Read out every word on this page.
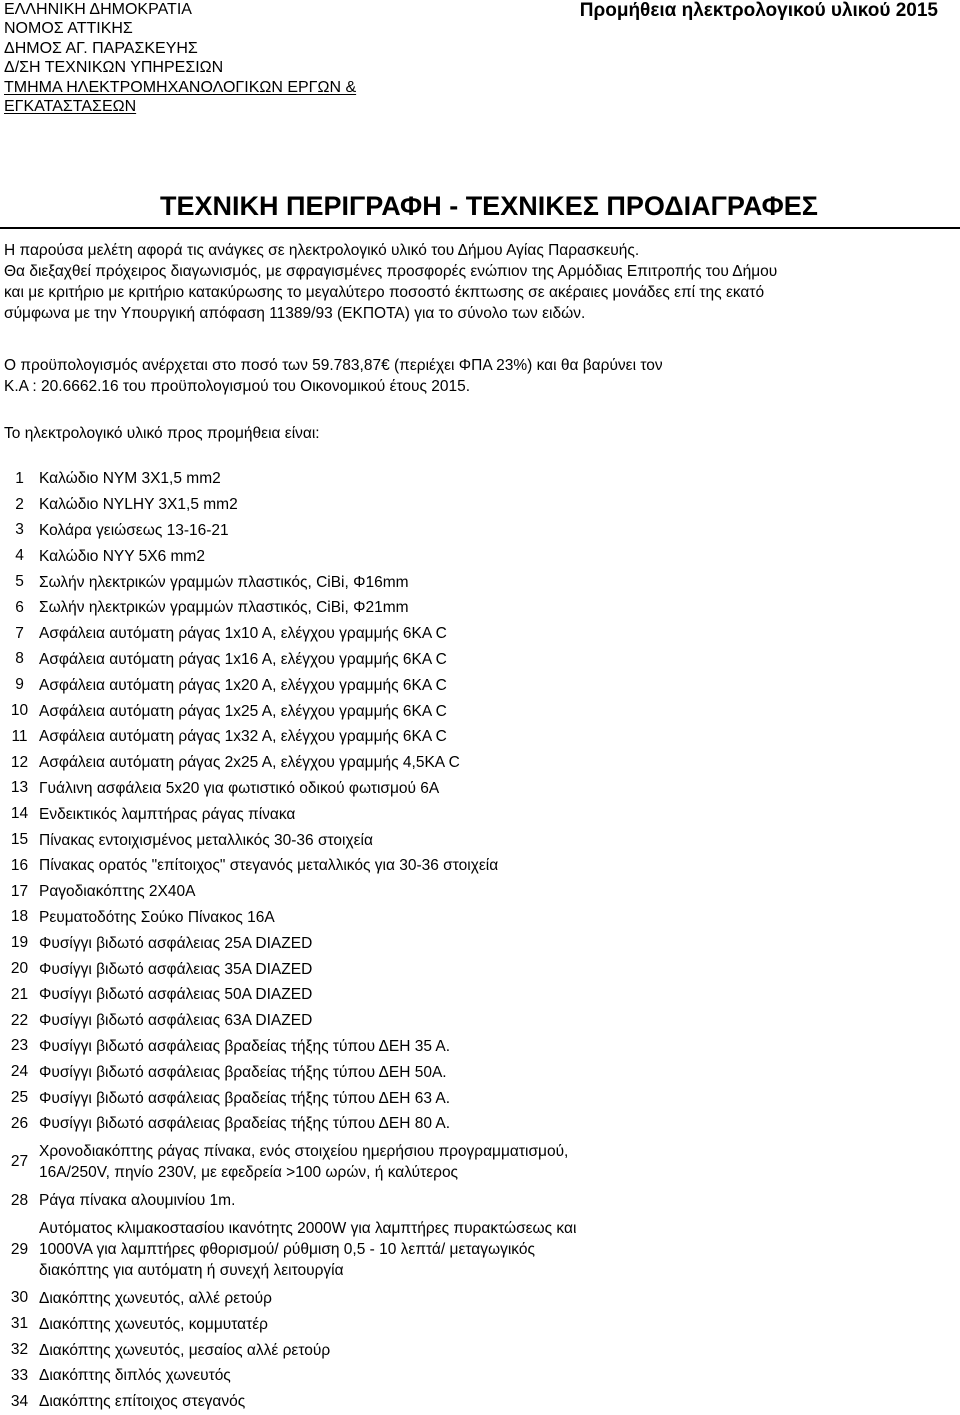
ΕΛΛΗΝΙΚΗ ΔΗΜΟΚΡΑΤΙΑ
ΝΟΜΟΣ ΑΤΤΙΚΗΣ
ΔΗΜΟΣ ΑΓ. ΠΑΡΑΣΚΕΥΗΣ
Δ/ΣΗ ΤΕΧΝΙΚΩΝ ΥΠΗΡΕΣΙΩΝ
ΤΜΗΜΑ ΗΛΕΚΤΡΟΜΗΧΑΝΟΛΟΓΙΚΩΝ ΕΡΓΩΝ &
ΕΓΚΑΤΑΣΤΑΣΕΩΝ
Προμήθεια ηλεκτρολογικού υλικού 2015
ΤΕΧΝΙΚΗ ΠΕΡΙΓΡΑΦΗ - ΤΕΧΝΙΚΕΣ ΠΡΟΔΙΑΓΡΑΦΕΣ
Η παρούσα μελέτη αφορά τις ανάγκες σε ηλεκτρολογικό υλικό του Δήμου Αγίας Παρασκευής.
Θα διεξαχθεί πρόχειρος διαγωνισμός, με σφραγισμένες προσφορές ενώπιον της Αρμόδιας Επιτροπής του Δήμου
και με κριτήριο με κριτήριο κατακύρωσης το μεγαλύτερο ποσοστό έκπτωσης σε ακέραιες μονάδες επί της εκατό
σύμφωνα με την Υπουργική απόφαση 11389/93 (ΕΚΠΟΤΑ) για το σύνολο των ειδών.
Ο προϋπολογισμός ανέρχεται στο ποσό των 59.783,87€ (περιέχει ΦΠΑ 23%) και θα βαρύνει τον
Κ.Α : 20.6662.16 του προϋπολογισμού του Οικονομικού έτους 2015.
Το ηλεκτρολογικό υλικό προς προμήθεια είναι:
1 Καλώδιο ΝΥΜ 3Χ1,5 mm2
2 Καλώδιο NYLHY 3X1,5 mm2
3 Κολάρα γειώσεως 13-16-21
4 Καλώδιο ΝΥΥ 5Χ6 mm2
5 Σωλήν ηλεκτρικών γραμμών πλαστικός, CiBi, Φ16mm
6 Σωλήν ηλεκτρικών γραμμών πλαστικός, CiBi, Φ21mm
7 Ασφάλεια αυτόματη ράγας 1x10 A, ελέγχου γραμμής 6KA C
8 Ασφάλεια αυτόματη ράγας 1x16 A, ελέγχου γραμμής 6KA C
9 Ασφάλεια αυτόματη ράγας 1x20 A, ελέγχου γραμμής 6KA C
10 Ασφάλεια αυτόματη ράγας 1x25 A, ελέγχου γραμμής 6KA C
11 Ασφάλεια αυτόματη ράγας 1x32 A, ελέγχου γραμμής 6KA C
12 Ασφάλεια αυτόματη ράγας 2x25 A, ελέγχου γραμμής 4,5KA C
13 Γυάλινη ασφάλεια 5x20 για φωτιστικό οδικού φωτισμού 6Α
14 Ενδεικτικός λαμπτήρας ράγας πίνακα
15 Πίνακας εντοιχισμένος μεταλλικός 30-36 στοιχεία
16 Πίνακας ορατός "επίτοιχος" στεγανός μεταλλικός για 30-36 στοιχεία
17 Ραγοδιακόπτης 2Χ40Α
18 Ρευματοδότης Σούκο Πίνακος 16Α
19 Φυσίγγι βιδωτό ασφάλειας 25Α DIAZED
20 Φυσίγγι βιδωτό ασφάλειας 35Α DIAZED
21 Φυσίγγι βιδωτό ασφάλειας 50Α DIAZED
22 Φυσίγγι βιδωτό ασφάλειας 63Α DIAZED
23 Φυσίγγι βιδωτό ασφάλειας βραδείας τήξης τύπου ΔΕΗ 35 Α.
24 Φυσίγγι βιδωτό ασφάλειας βραδείας τήξης τύπου ΔΕΗ 50Α.
25 Φυσίγγι βιδωτό ασφάλειας βραδείας τήξης τύπου ΔΕΗ 63 Α.
26 Φυσίγγι βιδωτό ασφάλειας βραδείας τήξης τύπου ΔΕΗ 80 Α.
27
Χρονοδιακόπτης ράγας πίνακα, ενός στοιχείου ημερήσιου προγραμματισμού,
16A/250V, πηνίο 230V, με εφεδρεία >100 ωρών, ή καλύτερος
28 Ράγα πίνακα αλουμινίου 1m.
29
Αυτόματος κλιμακοστασίου ικανότητς 2000W για λαμπτήρες πυρακτώσεως και
1000VA για λαμπτήρες φθορισμού/ ρύθμιση 0,5 - 10 λεπτά/ μεταγωγικός
διακόπτης για αυτόματη ή συνεχή λειτουργία
30 Διακόπτης χωνευτός, αλλέ ρετούρ
31 Διακόπτης χωνευτός, κομμυτατέρ
32 Διακόπτης χωνευτός, μεσαίος αλλέ ρετούρ
33 Διακόπτης διπλός χωνευτός
34 Διακόπτης επίτοιχος στεγανός
